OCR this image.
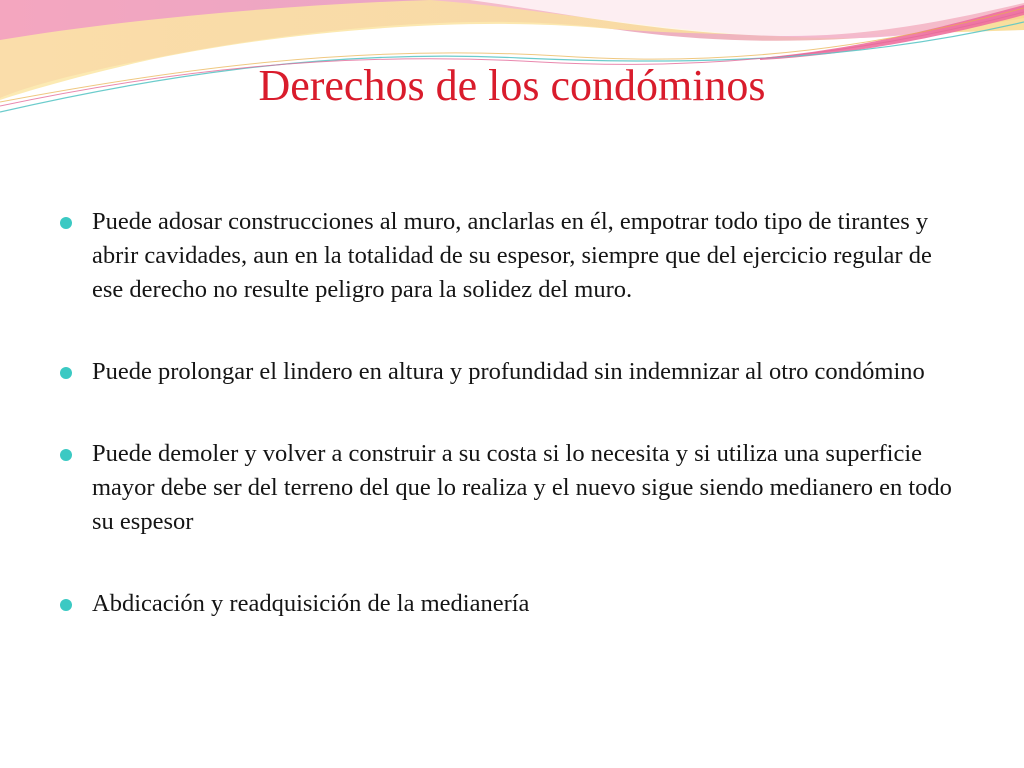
Derechos de los condóminos
Puede adosar construcciones al muro, anclarlas en él, empotrar todo tipo de tirantes y abrir cavidades, aun en la totalidad de su espesor, siempre que del ejercicio regular de ese derecho no resulte peligro para la solidez del muro.
Puede prolongar el lindero en altura y profundidad sin indemnizar al otro condómino
Puede demoler y volver a construir a su costa si lo necesita y si utiliza una superficie mayor debe ser del terreno del que lo realiza y el nuevo sigue siendo medianero en todo su espesor
Abdicación y readquisición de la medianería
